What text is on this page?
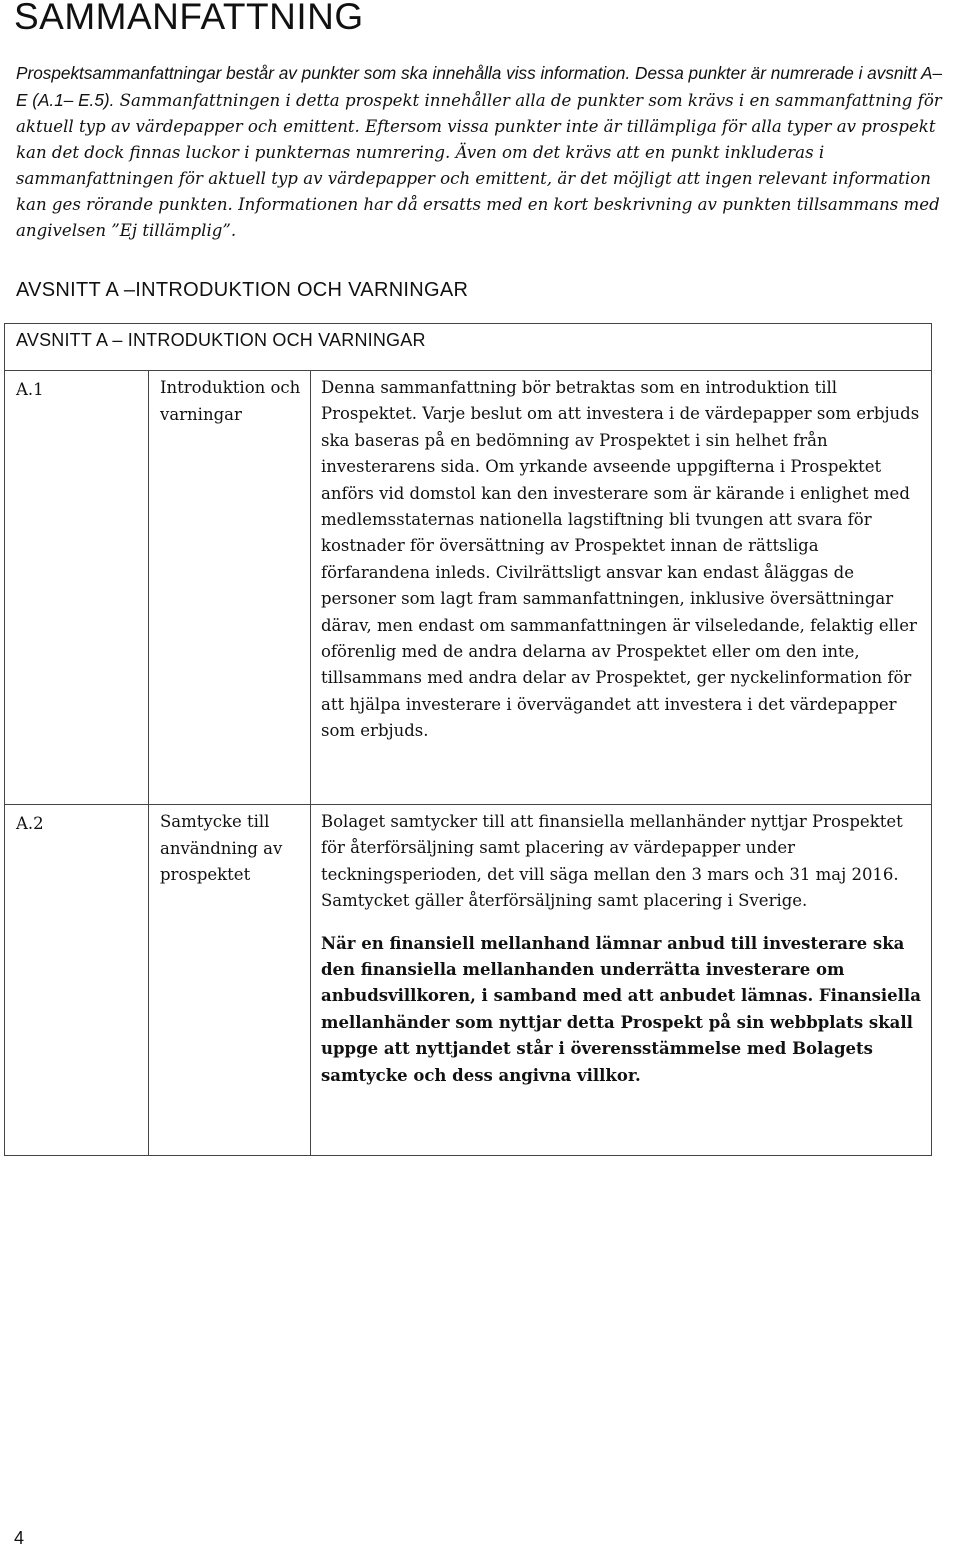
SAMMANFATTNING

Prospektsammanfattningar består av punkter som ska innehålla viss information. Dessa punkter är numrerade i avsnitt A–E (A.1– E.5). Sammanfattningen i detta prospekt innehåller alla de punkter som krävs i en sammanfattning för aktuell typ av värdepapper och emittent. Eftersom vissa punkter inte är tillämpliga för alla typer av prospekt kan det dock finnas luckor i punkternas numrering. Även om det krävs att en punkt inkluderas i sammanfattningen för aktuell typ av värdepapper och emittent, är det möjligt att ingen relevant information kan ges rörande punkten. Informationen har då ersatts med en kort beskrivning av punkten tillsammans med angivelsen ”Ej tillämplig”.

AVSNITT A –INTRODUKTION OCH VARNINGAR
AVSNITT A – INTRODUKTION OCH VARNINGAR		
A.1	Introduktion och varningar	Denna sammanfattning bör betraktas som en introduktion till Prospektet. Varje beslut om att investera i de värdepapper som erbjuds ska baseras på en bedömning av Prospektet i sin helhet från investerarens sida. Om yrkande avseende uppgifterna i Prospektet anförs vid domstol kan den investerare som är kärande i enlighet med medlemsstaternas nationella lagstiftning bli tvungen att svara för kostnader för översättning av Prospektet innan de rättsliga förfarandena inleds. Civilrättsligt ansvar kan endast åläggas de personer som lagt fram sammanfattningen, inklusive översättningar därav, men endast om sammanfattningen är vilseledande, felaktig eller oförenlig med de andra delarna av Prospektet eller om den inte, tillsammans med andra delar av Prospektet, ger nyckelinformation för att hjälpa investerare i övervägandet att investera i det värdepapper som erbjuds.
A.2	Samtycke till användning av prospektet	Bolaget samtycker till att finansiella mellanhänder nyttjar Prospektet för återförsäljning samt placering av värdepapper under teckningsperioden, det vill säga mellan den 3 mars och 31 maj 2016. Samtycket gäller återförsäljning samt placering i Sverige.
När en finansiell mellanhand lämnar anbud till investerare ska den finansiella mellanhanden underrätta investerare om anbudsvillkoren, i samband med att anbudet lämnas. Finansiella mellanhänder som nyttjar detta Prospekt på sin webbplats skall uppge att nyttjandet står i överensstämmelse med Bolagets samtycke och dess angivna villkor.
4
